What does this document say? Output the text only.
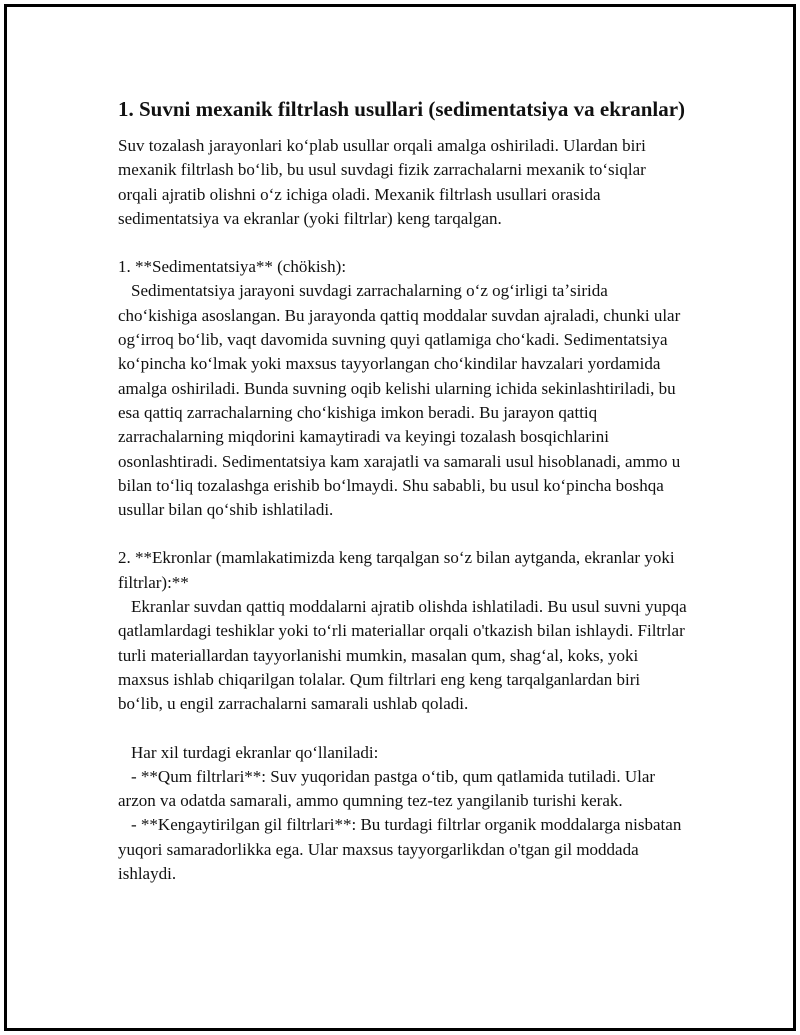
1. Suvni mexanik filtrlash usullari (sedimentatsiya va ekranlar)

Suv tozalash jarayonlari koʻplab usullar orqali amalga oshiriladi. Ulardan biri mexanik filtrlash boʻlib, bu usul suvdagi fizik zarrachalarni mexanik toʻsiqlar orqali ajratib olishni oʻz ichiga oladi. Mexanik filtrlash usullari orasida sedimentatsiya va ekranlar (yoki filtrlar) keng tarqalgan.

1. **Sedimentatsiya** (chökish):

Sedimentatsiya jarayoni suvdagi zarrachalarning oʻz ogʻirligi taʼsirida choʻkishiga asoslangan. Bu jarayonda qattiq moddalar suvdan ajraladi, chunki ular ogʻirroq boʻlib, vaqt davomida suvning quyi qatlamiga choʻkadi. Sedimentatsiya koʻpincha koʻlmak yoki maxsus tayyorlangan choʻkindilar havzalari yordamida amalga oshiriladi. Bunda suvning oqib kelishi ularning ichida sekinlashtiriladi, bu esa qattiq zarrachalarning choʻkishiga imkon beradi. Bu jarayon qattiq zarrachalarning miqdorini kamaytiradi va keyingi tozalash bosqichlarini osonlashtiradi. Sedimentatsiya kam xarajatli va samarali usul hisoblanadi, ammo u bilan toʻliq tozalashga erishib boʻlmaydi. Shu sababli, bu usul koʻpincha boshqa usullar bilan qoʻshib ishlatiladi.

2. **Ekronlar (mamlakatimizda keng tarqalgan soʻz bilan aytganda, ekranlar yoki filtrlar):**

Ekranlar suvdan qattiq moddalarni ajratib olishda ishlatiladi. Bu usul suvni yupqa qatlamlardagi teshiklar yoki toʻrli materiallar orqali o'tkazish bilan ishlaydi. Filtrlar turli materiallardan tayyorlanishi mumkin, masalan qum, shagʻal, koks, yoki maxsus ishlab chiqarilgan tolalar. Qum filtrlari eng keng tarqalganlardan biri boʻlib, u engil zarrachalarni samarali ushlab qoladi.

Har xil turdagi ekranlar qoʻllaniladi:

- **Qum filtrlari**: Suv yuqoridan pastga oʻtib, qum qatlamida tutiladi. Ular arzon va odatda samarali, ammo qumning tez-tez yangilanib turishi kerak.

- **Kengaytirilgan gil filtrlari**: Bu turdagi filtrlar organik moddalarga nisbatan yuqori samaradorlikka ega. Ular maxsus tayyorgarlikdan o'tgan gil moddada ishlaydi.
